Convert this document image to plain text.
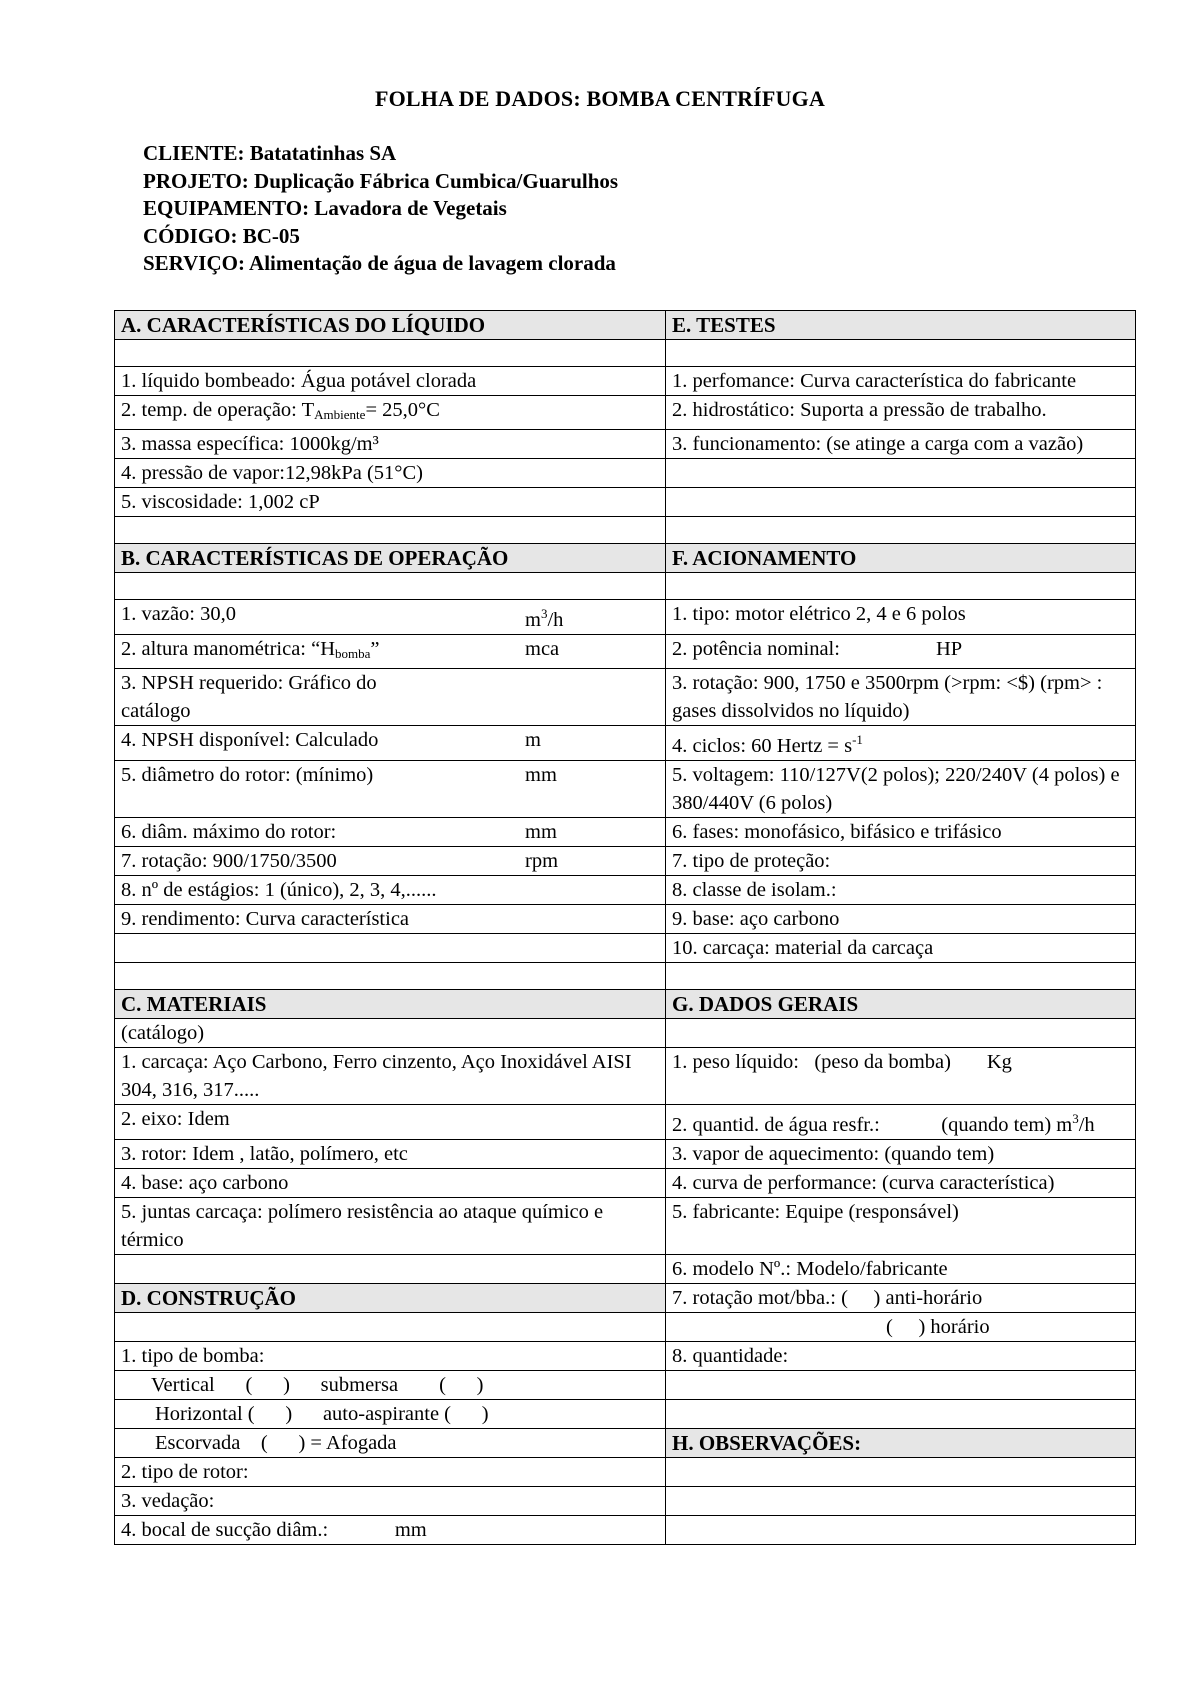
FOLHA DE DADOS: BOMBA CENTRÍFUGA
CLIENTE: Batatatinhas SA
PROJETO: Duplicação Fábrica Cumbica/Guarulhos
EQUIPAMENTO: Lavadora de Vegetais
CÓDIGO: BC-05
SERVIÇO: Alimentação de água de lavagem clorada
A. CARACTERÍSTICAS DO LÍQUIDO	E. TESTES

1. líquido bombeado: Água potável clorada	1. perfomance: Curva característica do fabricante
2. temp. de operação: $T_{Ambiente}= 25,0^\circ C$	2. hidrostático: Suporta a pressão de trabalho.
3. massa específica: 1000kg/m³	3. funcionamento: (se atinge a carga com a vazão)
4. pressão de vapor:12,98kPa (51°C)	
5. viscosidade: 1,002 cP	

B. CARACTERÍSTICAS DE OPERAÇÃO	F. ACIONAMENTO

1. vazão: 30,0 $m^3/h$	1. tipo: motor elétrico 2, 4 e 6 polos

2. altura manométrica: “$H_{bomba}$” mca	2. potência nominal: HP

3. NPSH requerido: Gráfico do catálogo	3. rotação: 900, 1750 e 3500rpm (>rpm: <$) (rpm> : gases dissolvidos no líquido)

4. NPSH disponível: Calculado m	4. ciclos: 60 Hertz = $s^{-1}$

5. diâmetro do rotor: (mínimo) mm	5. voltagem: 110/127V(2 polos); 220/240V (4 polos) e 380/440V (6 polos)

6. diâm. máximo do rotor: mm	6. fases: monofásico, bifásico e trifásico

7. rotação: 900/1750/3500 rpm	7. tipo de proteção:
8. nº de estágios: 1 (único), 2, 3, 4,......	8. classe de isolam.:
9. rendimento: Curva característica	9. base: aço carbono
	10. carcaça: material da carcaça

C. MATERIAIS	G. DADOS GERAIS
(catálogo)	
1. carcaça: Aço Carbono, Ferro cinzento, Aço Inoxidável AISI 304, 316, 317.....	1. peso líquido:   (peso da bomba)       Kg
2. eixo: Idem	2. quantid. de água resfr.:            (quando tem) $m^3/h$
3. rotor: Idem , latão, polímero, etc	3. vapor de aquecimento: (quando tem)
4. base: aço carbono	4. curva de performance: (curva característica)
5. juntas carcaça: polímero resistência ao ataque químico e térmico	5. fabricante: Equipe (responsável)
	6. modelo Nº.: Modelo/fabricante
D. CONSTRUÇÃO	7. rotação mot/bba.: (     ) anti-horário
	(     ) horário
1. tipo de bomba:	8. quantidade:
Vertical      (      )      submersa        (      )	
Horizontal (      )      auto-aspirante (      )	
Escorvada    (      ) = Afogada	H. OBSERVAÇÕES:
2. tipo de rotor:	
3. vedação:	
4. bocal de sucção diâm.:             mm	
